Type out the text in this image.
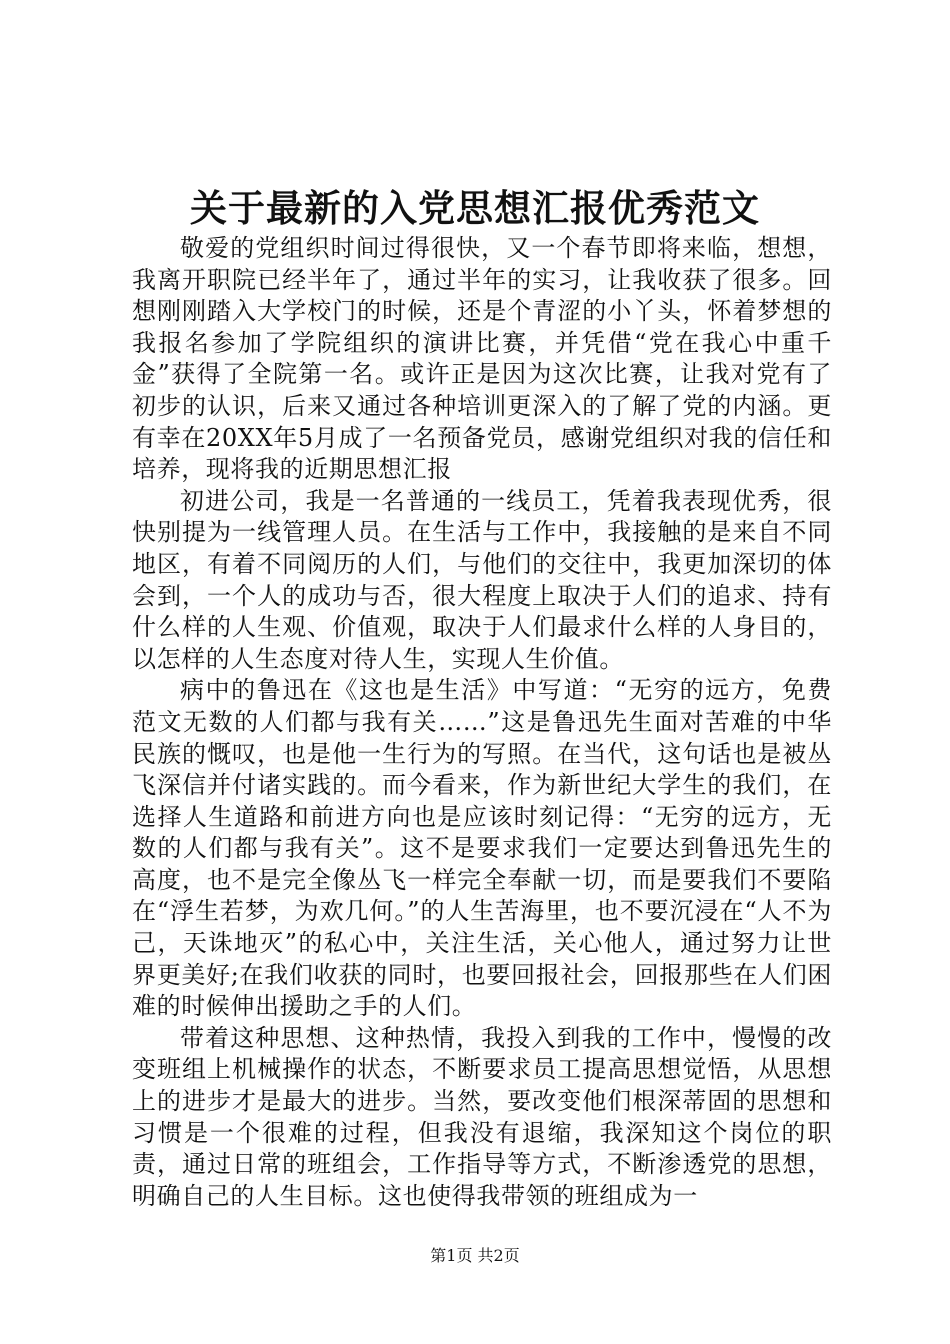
关于最新的入党思想汇报优秀范文

敬爱的党组织时间过得很快，又一个春节即将来临，想想，我离开职院已经半年了，通过半年的实习，让我收获了很多。回想刚刚踏入大学校门的时候，还是个青涩的小丫头，怀着梦想的我报名参加了学院组织的演讲比赛，并凭借“党在我心中重千金”获得了全院第一名。或许正是因为这次比赛，让我对党有了初步的认识，后来又通过各种培训更深入的了解了党的内涵。更有幸在20XX年5月成了一名预备党员，感谢党组织对我的信任和培养，现将我的近期思想汇报

初进公司，我是一名普通的一线员工，凭着我表现优秀，很快别提为一线管理人员。在生活与工作中，我接触的是来自不同地区，有着不同阅历的人们，与他们的交往中，我更加深切的体会到，一个人的成功与否，很大程度上取决于人们的追求、持有什么样的人生观、价值观，取决于人们最求什么样的人身目的，以怎样的人生态度对待人生，实现人生价值。

病中的鲁迅在《这也是生活》中写道：“无穷的远方，免费范文无数的人们都与我有关……”这是鲁迅先生面对苦难的中华民族的慨叹，也是他一生行为的写照。在当代，这句话也是被丛飞深信并付诸实践的。而今看来，作为新世纪大学生的我们，在选择人生道路和前进方向也是应该时刻记得：“无穷的远方，无数的人们都与我有关”。这不是要求我们一定要达到鲁迅先生的高度，也不是完全像丛飞一样完全奉献一切，而是要我们不要陷在“浮生若梦，为欢几何。”的人生苦海里，也不要沉浸在“人不为己，天诛地灭”的私心中，关注生活，关心他人，通过努力让世界更美好;在我们收获的同时，也要回报社会，回报那些在人们困难的时候伸出援助之手的人们。

带着这种思想、这种热情，我投入到我的工作中，慢慢的改变班组上机械操作的状态，不断要求员工提高思想觉悟，从思想上的进步才是最大的进步。当然，要改变他们根深蒂固的思想和习惯是一个很难的过程，但我没有退缩，我深知这个岗位的职责，通过日常的班组会，工作指导等方式，不断渗透党的思想，明确自己的人生目标。这也使得我带领的班组成为一

第1页 共2页
